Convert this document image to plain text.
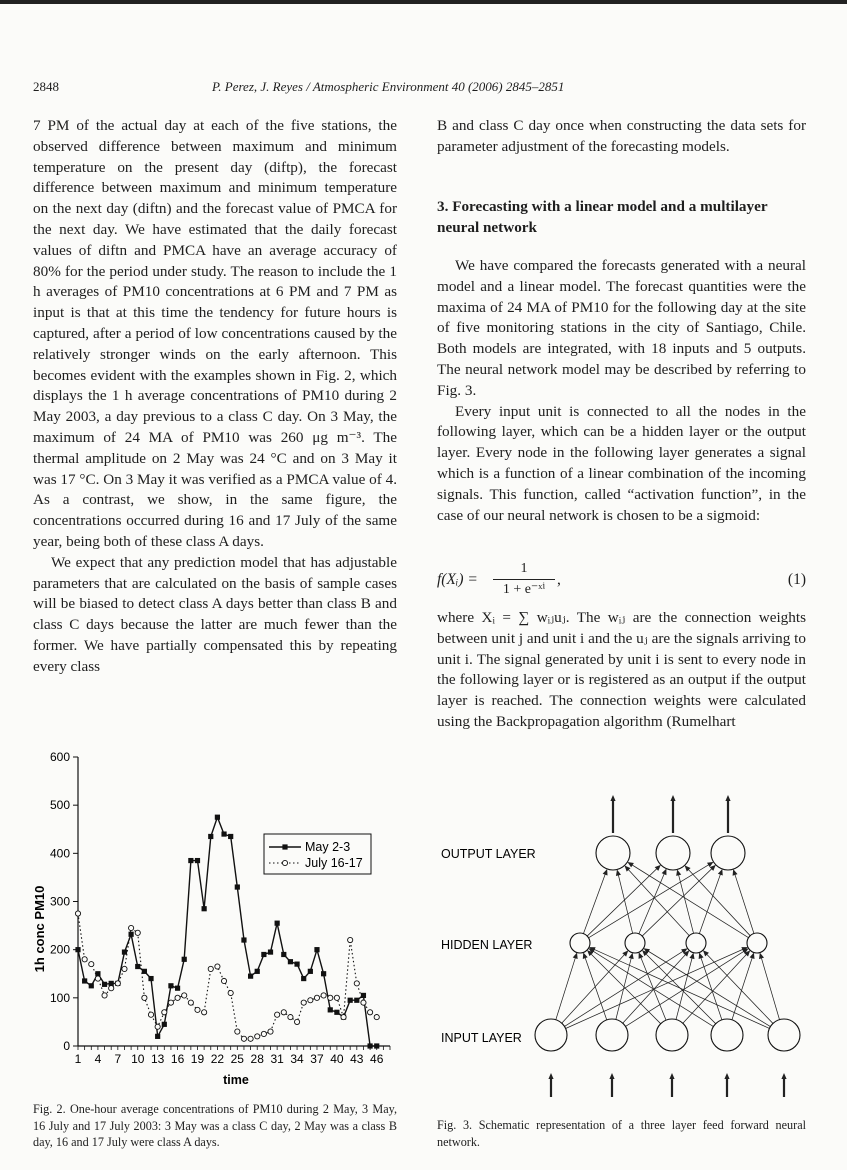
2848	P. Perez, J. Reyes / Atmospheric Environment 40 (2006) 2845–2851

7 PM of the actual day at each of the five stations, the observed difference between maximum and minimum temperature on the present day (diftp), the forecast difference between maximum and minimum temperature on the next day (diftn) and the forecast value of PMCA for the next day. We have estimated that the daily forecast values of diftn and PMCA have an average accuracy of 80% for the period under study. The reason to include the 1 h averages of PM10 concentrations at 6 PM and 7 PM as input is that at this time the tendency for future hours is captured, after a period of low concentrations caused by the relatively stronger winds on the early afternoon. This becomes evident with the examples shown in Fig. 2, which displays the 1 h average concentrations of PM10 during 2 May 2003, a day previous to a class C day. On 3 May, the maximum of 24 MA of PM10 was 260 μg m⁻³. The thermal amplitude on 2 May was 24 °C and on 3 May it was 17 °C. On 3 May it was verified as a PMCA value of 4. As a contrast, we show, in the same figure, the concentrations occurred during 16 and 17 July of the same year, being both of these class A days.

We expect that any prediction model that has adjustable parameters that are calculated on the basis of sample cases will be biased to detect class A days better than class B and class C days because the latter are much fewer than the former. We have partially compensated this by repeating every class

B and class C day once when constructing the data sets for parameter adjustment of the forecasting models.

3. Forecasting with a linear model and a multilayer neural network

We have compared the forecasts generated with a neural model and a linear model. The forecast quantities were the maxima of 24 MA of PM10 for the following day at the site of five monitoring stations in the city of Santiago, Chile. Both models are integrated, with 18 inputs and 5 outputs. The neural network model may be described by referring to Fig. 3.

Every input unit is connected to all the nodes in the following layer, which can be a hidden layer or the output layer. Every node in the following layer generates a signal which is a function of a linear combination of the incoming signals. This function, called “activation function”, in the case of our neural network is chosen to be a sigmoid:

f(Xᵢ) =
1
1 + e⁻ˣⁱ
,	(1)

where Xᵢ = ∑ wᵢⱼuⱼ. The wᵢⱼ are the connection weights between unit j and unit i and the uⱼ are the signals arriving to unit i. The signal generated by unit i is sent to every node in the following layer or is registered as an output if the output layer is reached. The connection weights were calculated using the Backpropagation algorithm (Rumelhart

0
100
200
300
400
500
600
1 4 7 10 13 16 19 22 25 28 31 34 37 40 43 46
May 2-3
July 16-17
1h conc PM10
time
Fig. 2. One-hour average concentrations of PM10 during 2 May, 3 May, 16 July and 17 July 2003: 3 May was a class C day, 2 May was a class B day, 16 and 17 July were class A days.
OUTPUT LAYER
HIDDEN LAYER
INPUT LAYER
Fig. 3. Schematic representation of a three layer feed forward neural network.
